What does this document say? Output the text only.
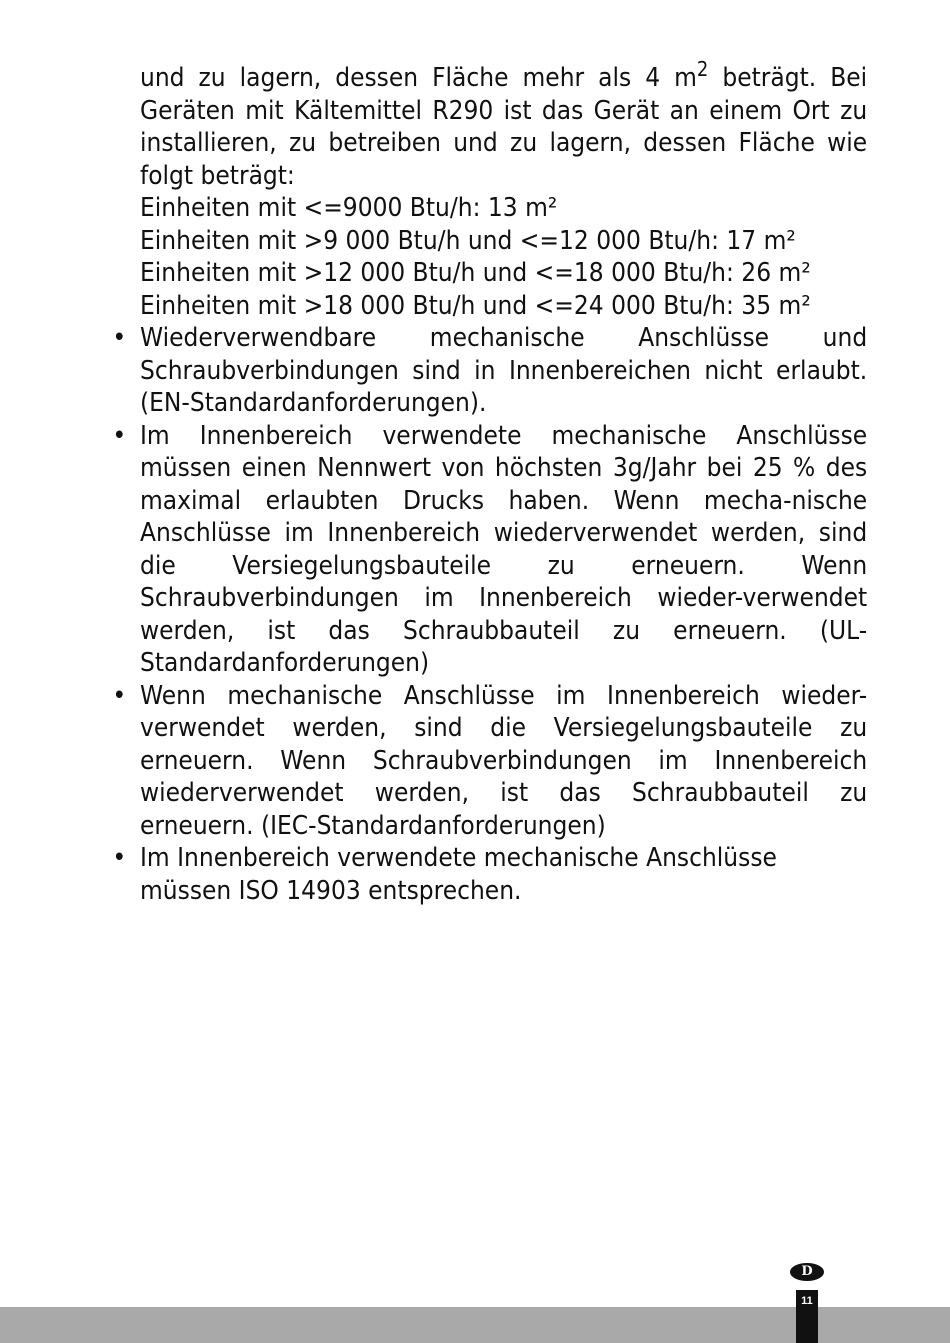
und zu lagern, dessen Fläche mehr als 4 $m^2$ beträgt. Bei Geräten mit Kältemittel R290 ist das Gerät an einem Ort zu installieren, zu betreiben und zu lagern, dessen Fläche wie folgt beträgt:

Einheiten mit <=9000 Btu/h: 13 m²
Einheiten mit >9 000 Btu/h und <=12 000 Btu/h: 17 m²
Einheiten mit >12 000 Btu/h und <=18 000 Btu/h: 26 m²
Einheiten mit >18 000 Btu/h und <=24 000 Btu/h: 35 m²
• Wiederverwendbare mechanische Anschlüsse und Schraubverbindungen sind in Innenbereichen nicht erlaubt. (EN-Standardanforderungen).
• Im Innenbereich verwendete mechanische Anschlüsse müssen einen Nennwert von höchsten 3g/Jahr bei 25 % des maximal erlaubten Drucks haben. Wenn mecha-nische Anschlüsse im Innenbereich wiederverwendet werden, sind die Versiegelungsbauteile zu erneuern. Wenn Schraubverbindungen im Innenbereich wieder-verwendet werden, ist das Schraubbauteil zu erneuern. (UL-Standardanforderungen)
• Wenn mechanische Anschlüsse im Innenbereich wieder-verwendet werden, sind die Versiegelungsbauteile zu erneuern. Wenn Schraubverbindungen im Innenbereich wiederverwendet werden, ist das Schraubbauteil zu erneuern. (IEC-Standardanforderungen)
• Im Innenbereich verwendete mechanische Anschlüsse müssen ISO 14903 entsprechen.
D
11
